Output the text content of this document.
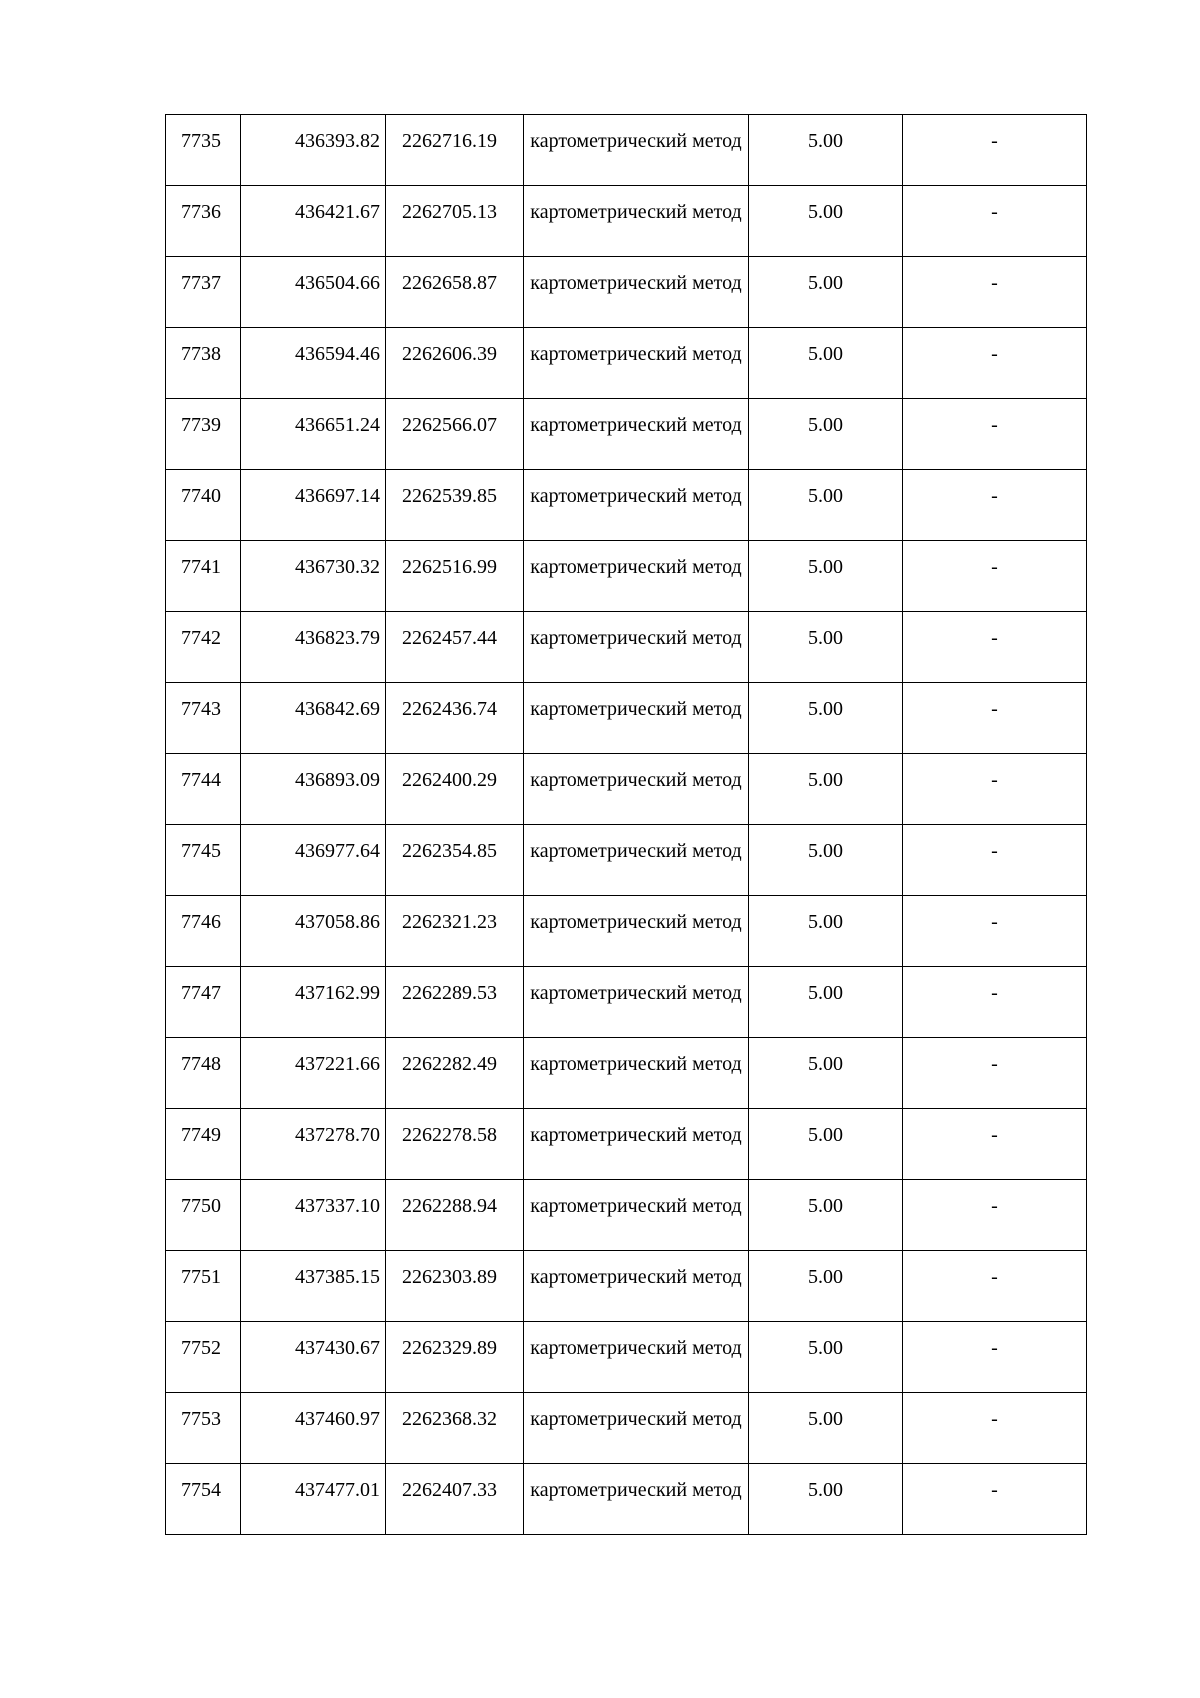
7735	436393.82	2262716.19	картометрический метод	5.00	-
7736	436421.67	2262705.13	картометрический метод	5.00	-
7737	436504.66	2262658.87	картометрический метод	5.00	-
7738	436594.46	2262606.39	картометрический метод	5.00	-
7739	436651.24	2262566.07	картометрический метод	5.00	-
7740	436697.14	2262539.85	картометрический метод	5.00	-
7741	436730.32	2262516.99	картометрический метод	5.00	-
7742	436823.79	2262457.44	картометрический метод	5.00	-
7743	436842.69	2262436.74	картометрический метод	5.00	-
7744	436893.09	2262400.29	картометрический метод	5.00	-
7745	436977.64	2262354.85	картометрический метод	5.00	-
7746	437058.86	2262321.23	картометрический метод	5.00	-
7747	437162.99	2262289.53	картометрический метод	5.00	-
7748	437221.66	2262282.49	картометрический метод	5.00	-
7749	437278.70	2262278.58	картометрический метод	5.00	-
7750	437337.10	2262288.94	картометрический метод	5.00	-
7751	437385.15	2262303.89	картометрический метод	5.00	-
7752	437430.67	2262329.89	картометрический метод	5.00	-
7753	437460.97	2262368.32	картометрический метод	5.00	-
7754	437477.01	2262407.33	картометрический метод	5.00	-
